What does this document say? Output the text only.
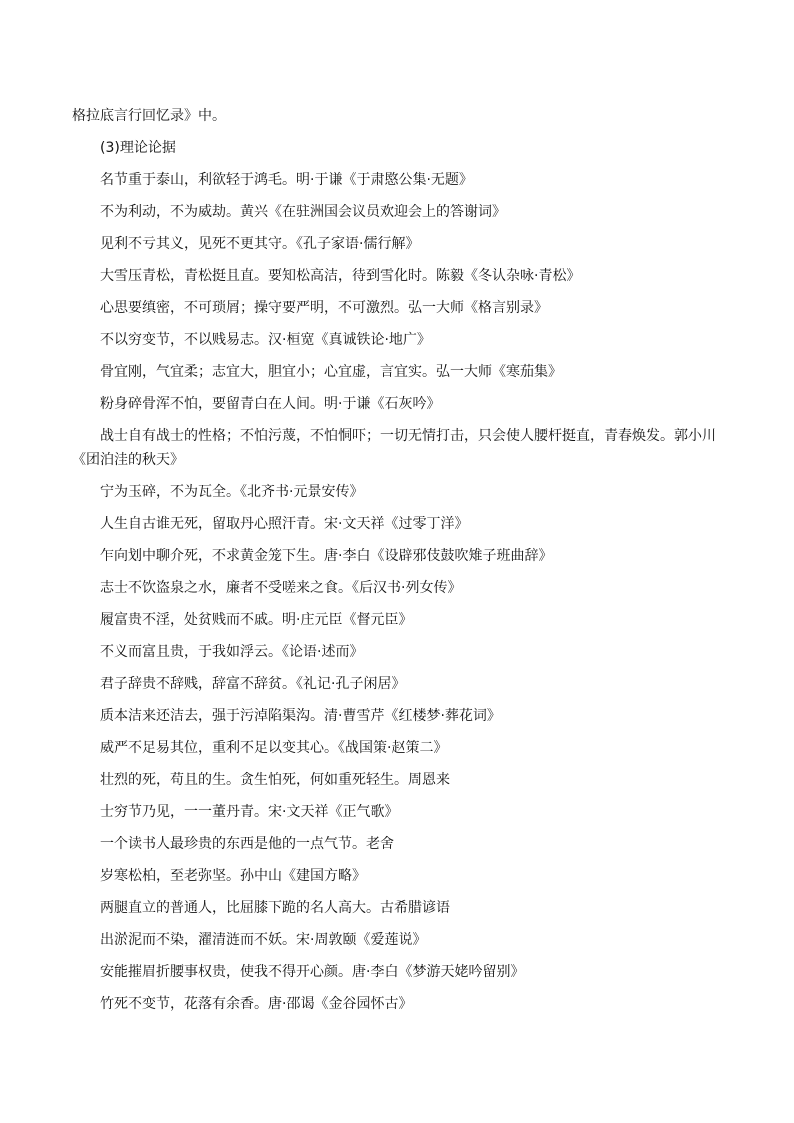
格拉底言行回忆录》中。
(3)理论论据
名节重于泰山，利欲轻于鸿毛。明·于谦《于肃愍公集·无题》
不为利动，不为威劫。黄兴《在驻洲国会议员欢迎会上的答谢词》
见利不亏其义，见死不更其守。《孔子家语·儒行解》
大雪压青松，青松挺且直。要知松高洁，待到雪化时。陈毅《冬认杂咏·青松》
心思要缜密，不可琐屑；操守要严明，不可激烈。弘一大师《格言别录》
不以穷变节，不以贱易志。汉·桓宽《真诚铁论·地广》
骨宜刚，气宜柔；志宜大，胆宜小；心宜虚，言宜实。弘一大师《寒茄集》
粉身碎骨浑不怕，要留青白在人间。明·于谦《石灰吟》
战士自有战士的性格；不怕污蔑，不怕恫吓；一切无情打击，只会使人腰杆挺直，青春焕发。郭小川
《团泊洼的秋天》
宁为玉碎，不为瓦全。《北齐书·元景安传》
人生自古谁无死，留取丹心照汗青。宋·文天祥《过零丁洋》
乍向划中聊介死，不求黄金笼下生。唐·李白《设辟邪伎鼓吹雉子班曲辞》
志士不饮盗泉之水，廉者不受嗟来之食。《后汉书·列女传》
履富贵不淫，处贫贱而不戚。明·庄元臣《督元臣》
不义而富且贵，于我如浮云。《论语·述而》
君子辞贵不辞贱，辞富不辞贫。《礼记·孔子闲居》
质本洁来还洁去，强于污淖陷渠沟。清·曹雪芹《红楼梦·葬花词》
威严不足易其位，重利不足以变其心。《战国策·赵策二》
壮烈的死，苟且的生。贪生怕死，何如重死轻生。周恩来
士穷节乃见，一一董丹青。宋·文天祥《正气歌》
一个读书人最珍贵的东西是他的一点气节。老舍
岁寒松柏，至老弥坚。孙中山《建国方略》
两腿直立的普通人，比屈膝下跪的名人高大。古希腊谚语
出淤泥而不染，濯清涟而不妖。宋·周敦颐《爱莲说》
安能摧眉折腰事权贵，使我不得开心颜。唐·李白《梦游天姥吟留别》
竹死不变节，花落有余香。唐·邵谒《金谷园怀古》
